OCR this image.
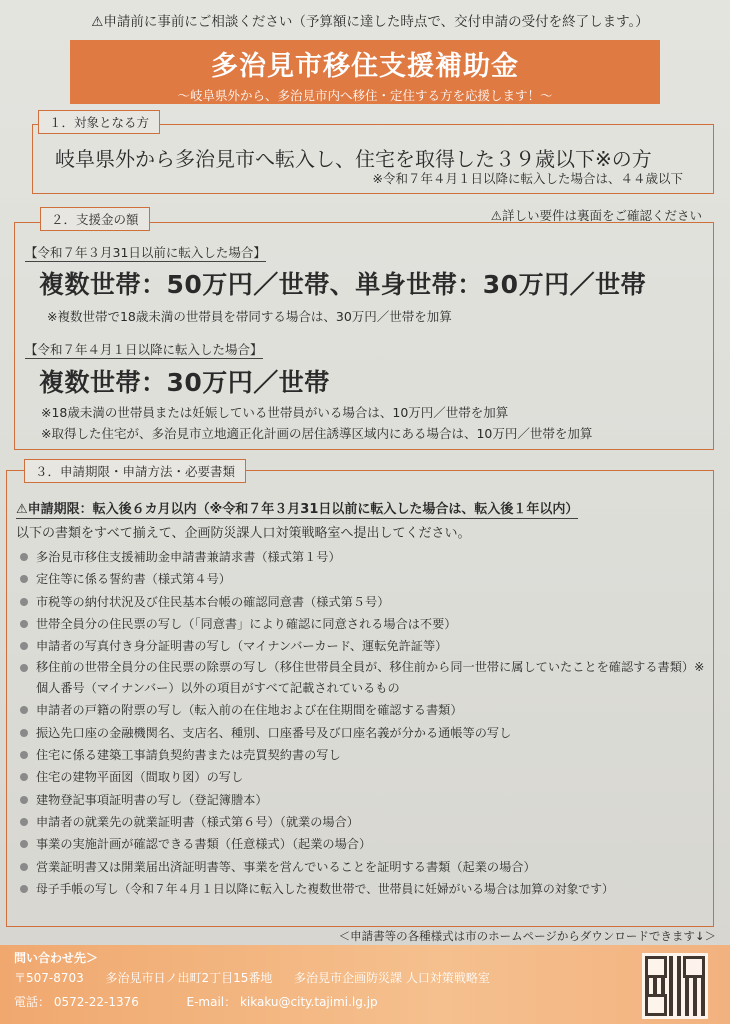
⚠申請前に事前にご相談ください（予算額に達した時点で、交付申請の受付を終了します。）
多治見市移住支援補助金
～岐阜県外から、多治見市内へ移住・定住する方を応援します！～
岐阜県外から多治見市へ転入し、住宅を取得した３９歳以下※の方
※令和７年４月１日以降に転入した場合は、４４歳以下
１．対象となる方
⚠詳しい要件は裏面をご確認ください
【令和７年３月31日以前に転入した場合】
複数世帯：50万円／世帯、単身世帯：30万円／世帯
※複数世帯で18歳未満の世帯員を帯同する場合は、30万円／世帯を加算
【令和７年４月１日以降に転入した場合】
複数世帯：30万円／世帯
※18歳未満の世帯員または妊娠している世帯員がいる場合は、10万円／世帯を加算
※取得した住宅が、多治見市立地適正化計画の居住誘導区域内にある場合は、10万円／世帯を加算
２．支援金の額
３．申請期限・申請方法・必要書類
⚠申請期限：転入後６カ月以内（※令和７年３月31日以前に転入した場合は、転入後１年以内）
以下の書類をすべて揃えて、企画防災課人口対策戦略室へ提出してください。
多治見市移住支援補助金申請書兼請求書（様式第１号）
定住等に係る誓約書（様式第４号）
市税等の納付状況及び住民基本台帳の確認同意書（様式第５号）
世帯全員分の住民票の写し（「同意書」により確認に同意される場合は不要）
申請者の写真付き身分証明書の写し（マイナンバーカード、運転免許証等）
移住前の世帯全員分の住民票の除票の写し（移住世帯員全員が、移住前から同一世帯に属していたことを確認する書類）※個人番号（マイナンバー）以外の項目がすべて記載されているもの
申請者の戸籍の附票の写し（転入前の在住地および在住期間を確認する書類）
振込先口座の金融機関名、支店名、種別、口座番号及び口座名義が分かる通帳等の写し
住宅に係る建築工事請負契約書または売買契約書の写し
住宅の建物平面図（間取り図）の写し
建物登記事項証明書の写し（登記簿謄本）
申請者の就業先の就業証明書（様式第６号）（就業の場合）
事業の実施計画が確認できる書類（任意様式）（起業の場合）
営業証明書又は開業届出済証明書等、事業を営んでいることを証明する書類（起業の場合）
母子手帳の写し（令和７年４月１日以降に転入した複数世帯で、世帯員に妊婦がいる場合は加算の対象です）
＜申請書等の各種様式は市のホームページからダウンロードできます↓＞
問い合わせ先＞
〒507-8703 多治見市日ノ出町2丁目15番地 多治見市企画防災課 人口対策戦略室
電話： 0572-22-1376	E-mail： kikaku@city.tajimi.lg.jp
